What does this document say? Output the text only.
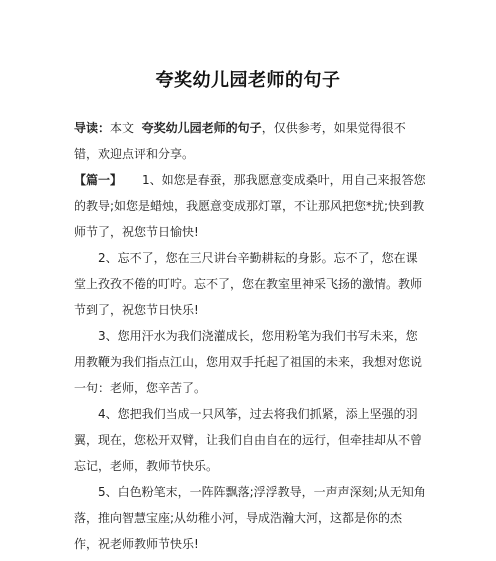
夸奖幼儿园老师的句子

导读：本文 夸奖幼儿园老师的句子，仅供参考，如果觉得很不错，欢迎点评和分享。

【篇一】 1、如您是春蚕，那我愿意变成桑叶，用自己来报答您的教导;如您是蜡烛，我愿意变成那灯罩，不让那风把您*扰;快到教师节了，祝您节日愉快!

2、忘不了，您在三尺讲台辛勤耕耘的身影。忘不了，您在课堂上孜孜不倦的叮咛。忘不了，您在教室里神采飞扬的激情。教师节到了，祝您节日快乐!

3、您用汗水为我们浇灌成长，您用粉笔为我们书写未来，您用教鞭为我们指点江山，您用双手托起了祖国的未来，我想对您说一句：老师，您辛苦了。

4、您把我们当成一只风筝，过去将我们抓紧，添上坚强的羽翼，现在，您松开双臂，让我们自由自在的远行，但牵挂却从不曾忘记，老师，教师节快乐。

5、白色粉笔末，一阵阵飘落;浮浮教导，一声声深刻;从无知角落，推向智慧宝座;从幼稚小河，导成浩瀚大河，这都是你的杰作，祝老师教师节快乐!
